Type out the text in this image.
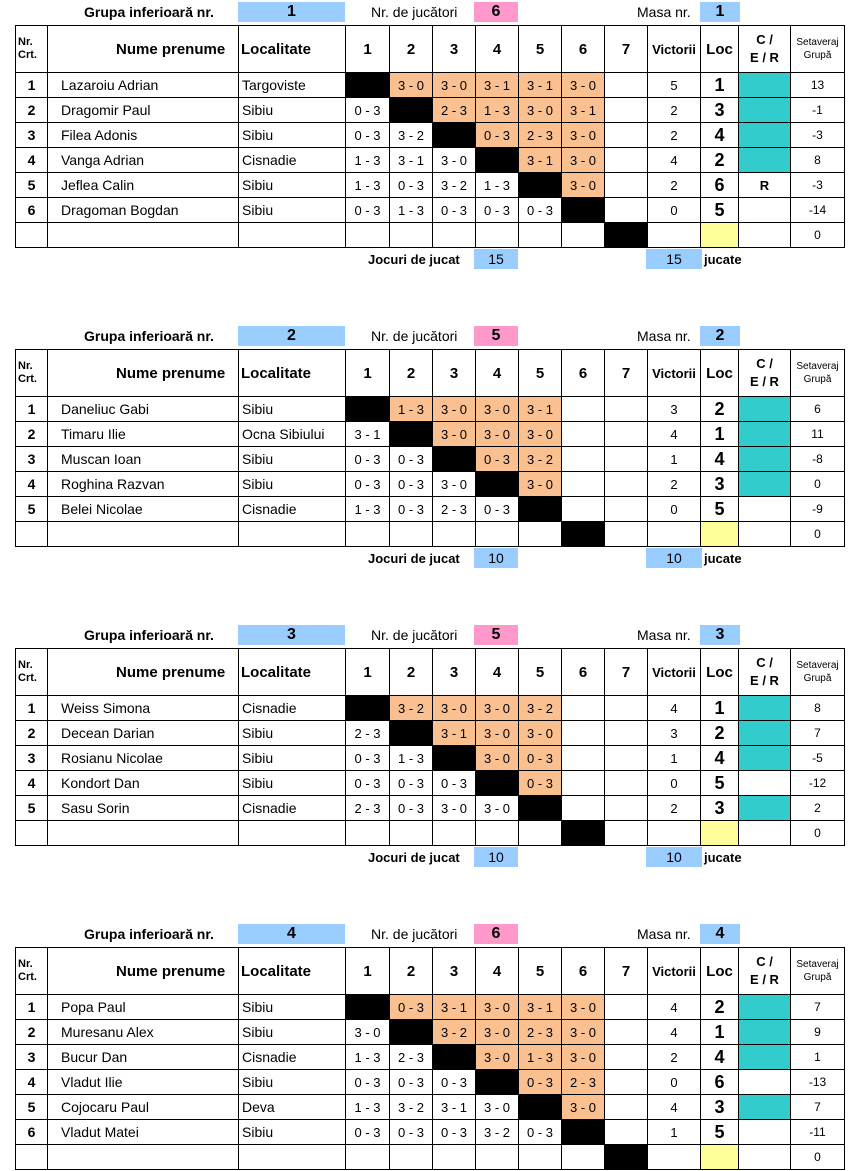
Grupa inferioară nr.	1	Nr. de jucători	6	Masa nr.	1
Nr.
Crt.	Nume prenume	Localitate	1	2	3	4	5	6	7	Victorii	Loc	C /
E / R	Setaveraj
Grupă
1	Lazaroiu Adrian	Targoviste		3 - 0	3 - 0	3 - 1	3 - 1	3 - 0		5	1		13
2	Dragomir Paul	Sibiu	0 - 3		2 - 3	1 - 3	3 - 0	3 - 1		2	3		-1
3	Filea Adonis	Sibiu	0 - 3	3 - 2		0 - 3	2 - 3	3 - 0		2	4		-3
4	Vanga Adrian	Cisnadie	1 - 3	3 - 1	3 - 0		3 - 1	3 - 0		4	2		8
5	Jeflea Calin	Sibiu	1 - 3	0 - 3	3 - 2	1 - 3		3 - 0		2	6	R	-3
6	Dragoman Bogdan	Sibiu	0 - 3	1 - 3	0 - 3	0 - 3	0 - 3			0	5		-14
													0
Jocuri de jucat	15	15	jucate
Grupa inferioară nr.	2	Nr. de jucători	5	Masa nr.	2
Nr.
Crt.	Nume prenume	Localitate	1	2	3	4	5	6	7	Victorii	Loc	C /
E / R	Setaveraj
Grupă
1	Daneliuc Gabi	Sibiu		1 - 3	3 - 0	3 - 0	3 - 1			3	2		6
2	Timaru Ilie	Ocna Sibiului	3 - 1		3 - 0	3 - 0	3 - 0			4	1		11
3	Muscan Ioan	Sibiu	0 - 3	0 - 3		0 - 3	3 - 2			1	4		-8
4	Roghina Razvan	Sibiu	0 - 3	0 - 3	3 - 0		3 - 0			2	3		0
5	Belei Nicolae	Cisnadie	1 - 3	0 - 3	2 - 3	0 - 3				0	5		-9
													0
Jocuri de jucat	10	10	jucate
Grupa inferioară nr.	3	Nr. de jucători	5	Masa nr.	3
Nr.
Crt.	Nume prenume	Localitate	1	2	3	4	5	6	7	Victorii	Loc	C /
E / R	Setaveraj
Grupă
1	Weiss Simona	Cisnadie		3 - 2	3 - 0	3 - 0	3 - 2			4	1		8
2	Decean Darian	Sibiu	2 - 3		3 - 1	3 - 0	3 - 0			3	2		7
3	Rosianu Nicolae	Sibiu	0 - 3	1 - 3		3 - 0	0 - 3			1	4		-5
4	Kondort Dan	Sibiu	0 - 3	0 - 3	0 - 3		0 - 3			0	5		-12
5	Sasu Sorin	Cisnadie	2 - 3	0 - 3	3 - 0	3 - 0				2	3		2
													0
Jocuri de jucat	10	10	jucate
Grupa inferioară nr.	4	Nr. de jucători	6	Masa nr.	4
Nr.
Crt.	Nume prenume	Localitate	1	2	3	4	5	6	7	Victorii	Loc	C /
E / R	Setaveraj
Grupă
1	Popa Paul	Sibiu		0 - 3	3 - 1	3 - 0	3 - 1	3 - 0		4	2		7
2	Muresanu Alex	Sibiu	3 - 0		3 - 2	3 - 0	2 - 3	3 - 0		4	1		9
3	Bucur Dan	Cisnadie	1 - 3	2 - 3		3 - 0	1 - 3	3 - 0		2	4		1
4	Vladut Ilie	Sibiu	0 - 3	0 - 3	0 - 3		0 - 3	2 - 3		0	6		-13
5	Cojocaru Paul	Deva	1 - 3	3 - 2	3 - 1	3 - 0		3 - 0		4	3		7
6	Vladut Matei	Sibiu	0 - 3	0 - 3	0 - 3	3 - 2	0 - 3			1	5		-11
													0
